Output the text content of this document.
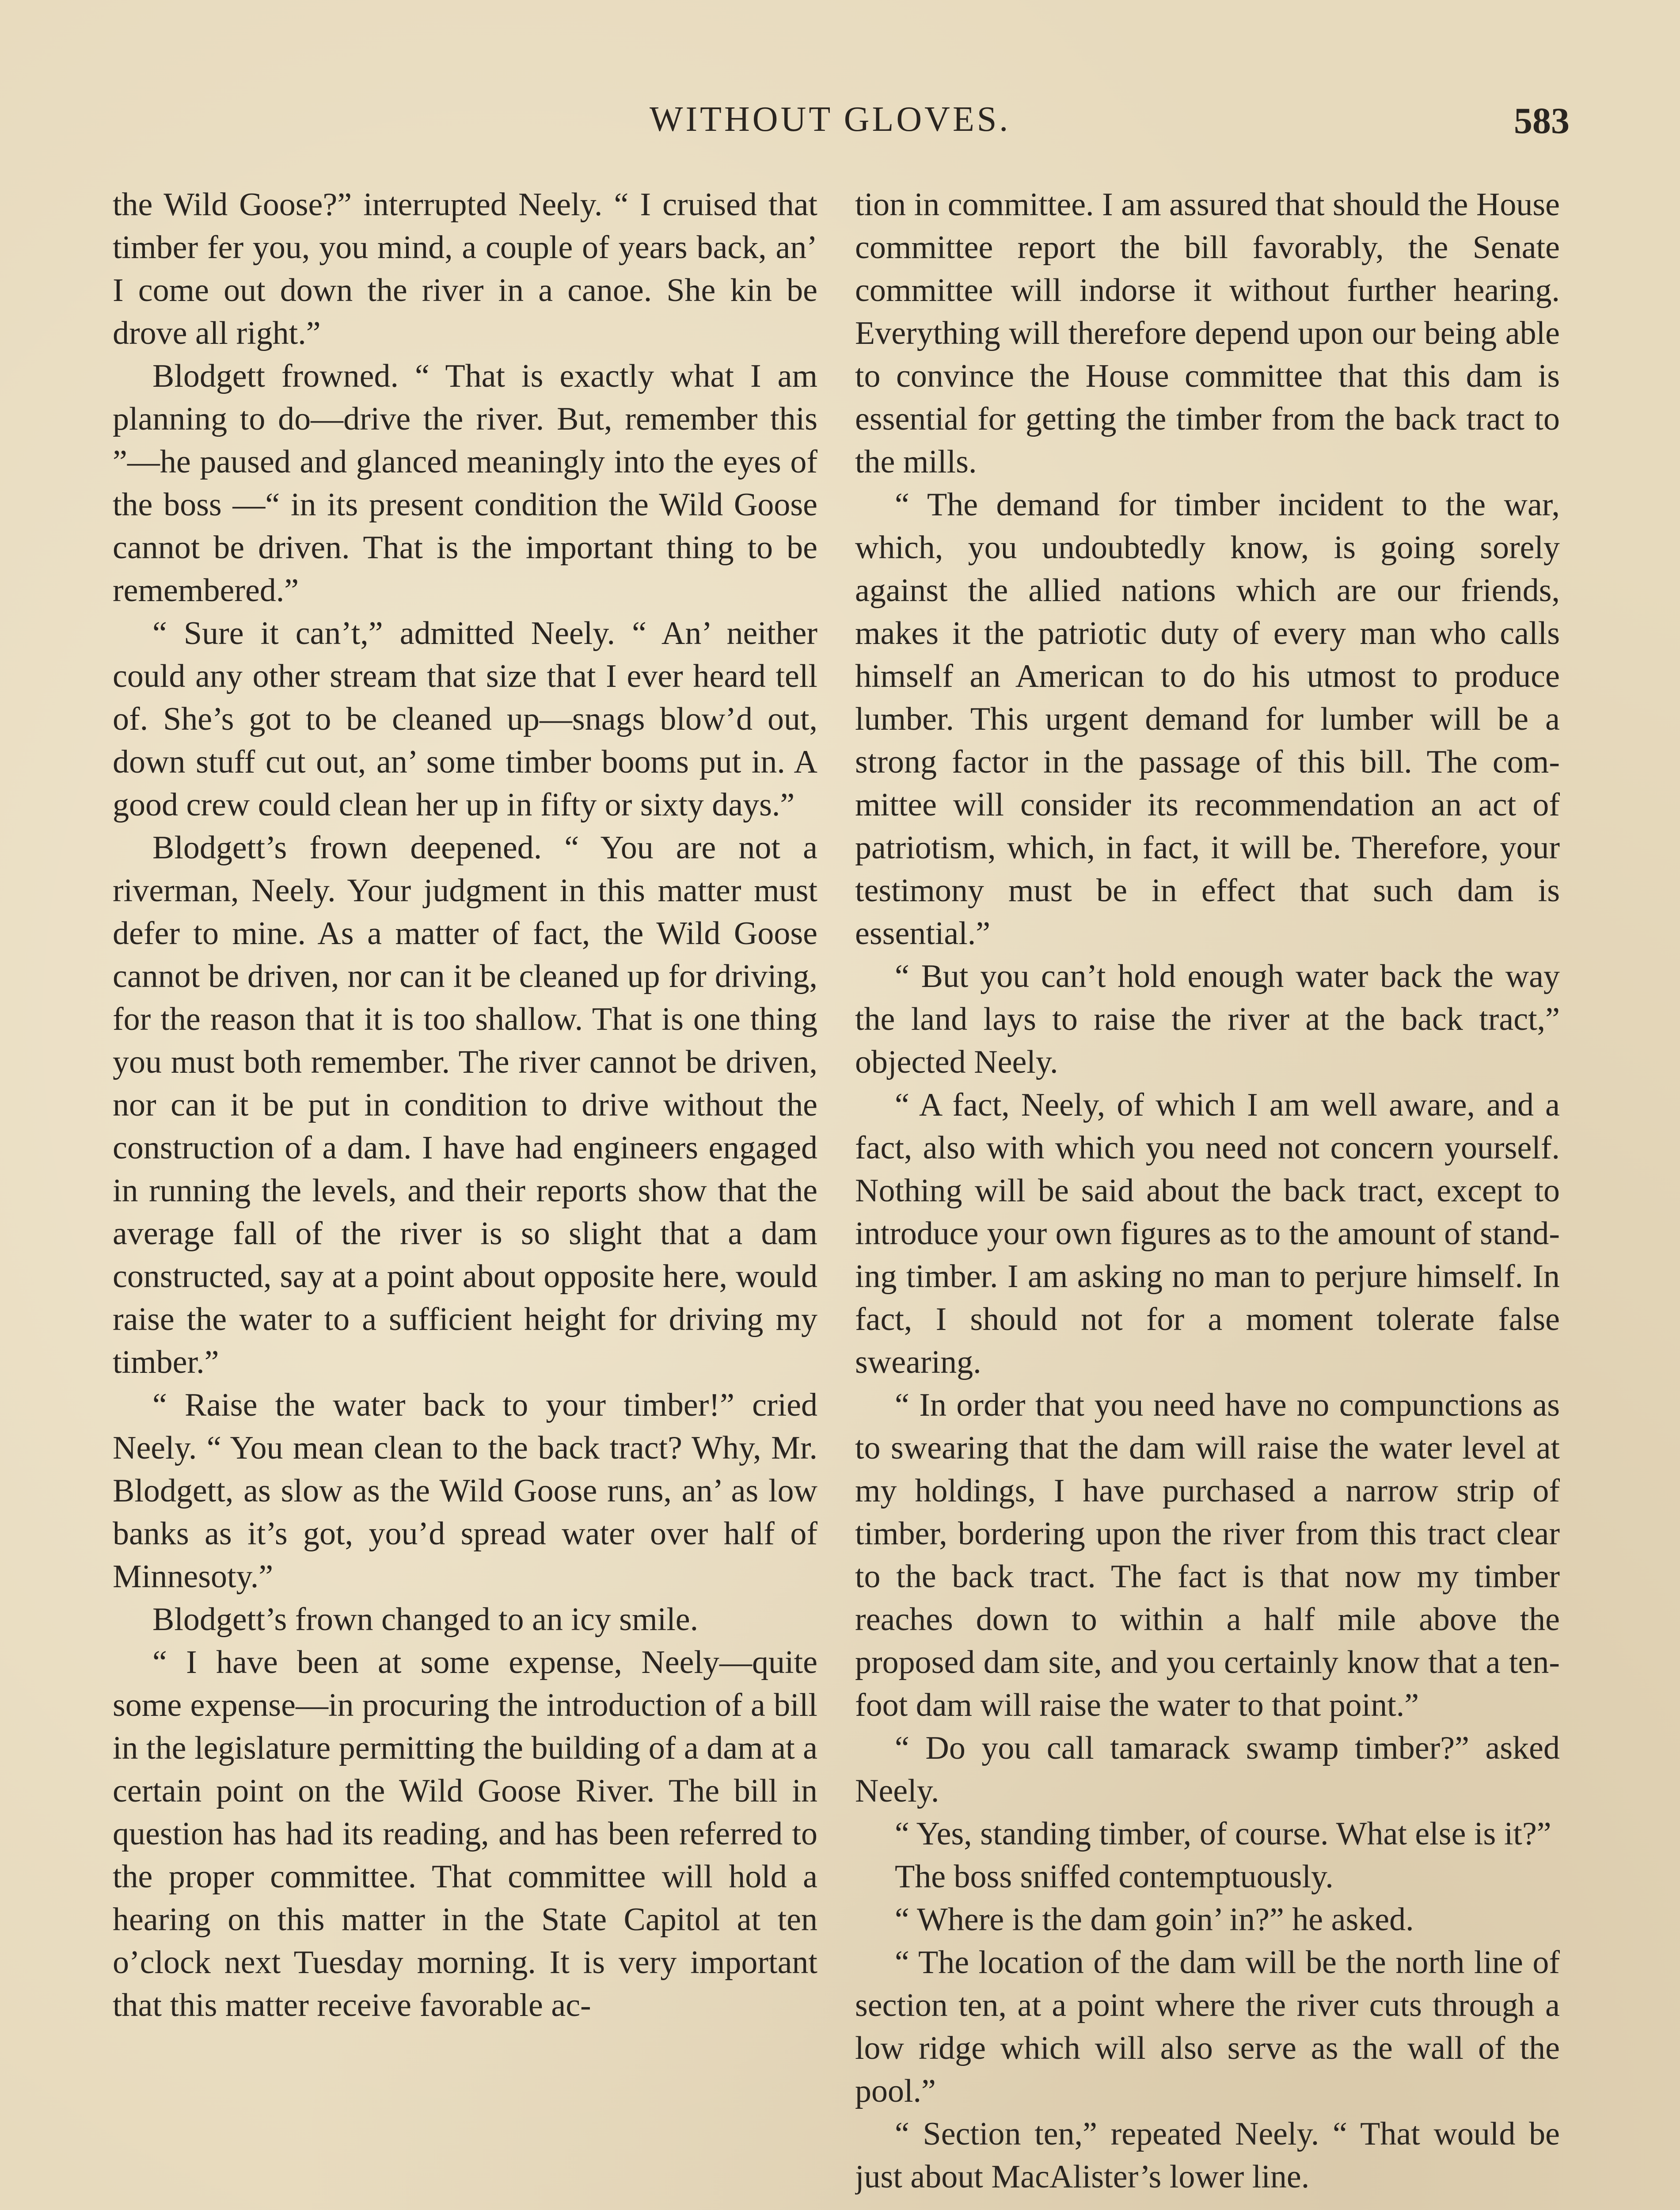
WITHOUT GLOVES.	583

the Wild Goose?” interrupted Neely. “ I cruised that timber fer you, you mind, a couple of years back, an’ I come out down the river in a canoe. She kin be drove all right.”

Blodgett frowned. “ That is exactly what I am planning to do—drive the river. But, remember this ”—he paused and glanced meaningly into the eyes of the boss —“ in its present condition the Wild Goose cannot be driven. That is the important thing to be remembered.”

“ Sure it can’t,” admitted Neely. “ An’ neither could any other stream that size that I ever heard tell of. She’s got to be cleaned up—snags blow’d out, down stuff cut out, an’ some timber booms put in. A good crew could clean her up in fifty or sixty days.”

Blodgett’s frown deepened. “ You are not a riverman, Neely. Your judgment in this matter must defer to mine. As a matter of fact, the Wild Goose cannot be driven, nor can it be cleaned up for driving, for the reason that it is too shallow. That is one thing you must both remember. The river cannot be driven, nor can it be put in condition to drive without the construction of a dam. I have had engineers engaged in running the levels, and their reports show that the average fall of the river is so slight that a dam constructed, say at a point about opposite here, would raise the water to a sufficient height for driving my timber.”

“ Raise the water back to your timber!” cried Neely. “ You mean clean to the back tract? Why, Mr. Blodgett, as slow as the Wild Goose runs, an’ as low banks as it’s got, you’d spread water over half of Minnesoty.”

Blodgett’s frown changed to an icy smile.

“ I have been at some expense, Neely—quite some expense—in procuring the introduction of a bill in the legislature permitting the building of a dam at a certain point on the Wild Goose River. The bill in question has had its reading, and has been referred to the proper committee. That committee will hold a hearing on this matter in the State Capitol at ten o’clock next Tuesday morning. It is very important that this matter receive favorable ac-

tion in committee. I am assured that should the House committee report the bill favorably, the Senate committee will indorse it without further hearing. Everything will therefore depend upon our being able to convince the House committee that this dam is essential for getting the timber from the back tract to the mills.

“ The demand for timber incident to the war, which, you undoubtedly know, is going sorely against the allied nations which are our friends, makes it the patriotic duty of every man who calls himself an American to do his utmost to produce lumber. This urgent demand for lumber will be a strong factor in the passage of this bill. The committee will consider its recommendation an act of patriotism, which, in fact, it will be. Therefore, your testimony must be in effect that such dam is essential.”

“ But you can’t hold enough water back the way the land lays to raise the river at the back tract,” objected Neely.

“ A fact, Neely, of which I am well aware, and a fact, also with which you need not concern yourself. Nothing will be said about the back tract, except to introduce your own figures as to the amount of standing timber. I am asking no man to perjure himself. In fact, I should not for a moment tolerate false swearing.

“ In order that you need have no compunctions as to swearing that the dam will raise the water level at my holdings, I have purchased a narrow strip of timber, bordering upon the river from this tract clear to the back tract. The fact is that now my timber reaches down to within a half mile above the proposed dam site, and you certainly know that a ten-foot dam will raise the water to that point.”

“ Do you call tamarack swamp timber?” asked Neely.

“ Yes, standing timber, of course. What else is it?”

The boss sniffed contemptuously.

“ Where is the dam goin’ in?” he asked.

“ The location of the dam will be the north line of section ten, at a point where the river cuts through a low ridge which will also serve as the wall of the pool.”

“ Section ten,” repeated Neely. “ That would be just about MacAlister’s lower line.
